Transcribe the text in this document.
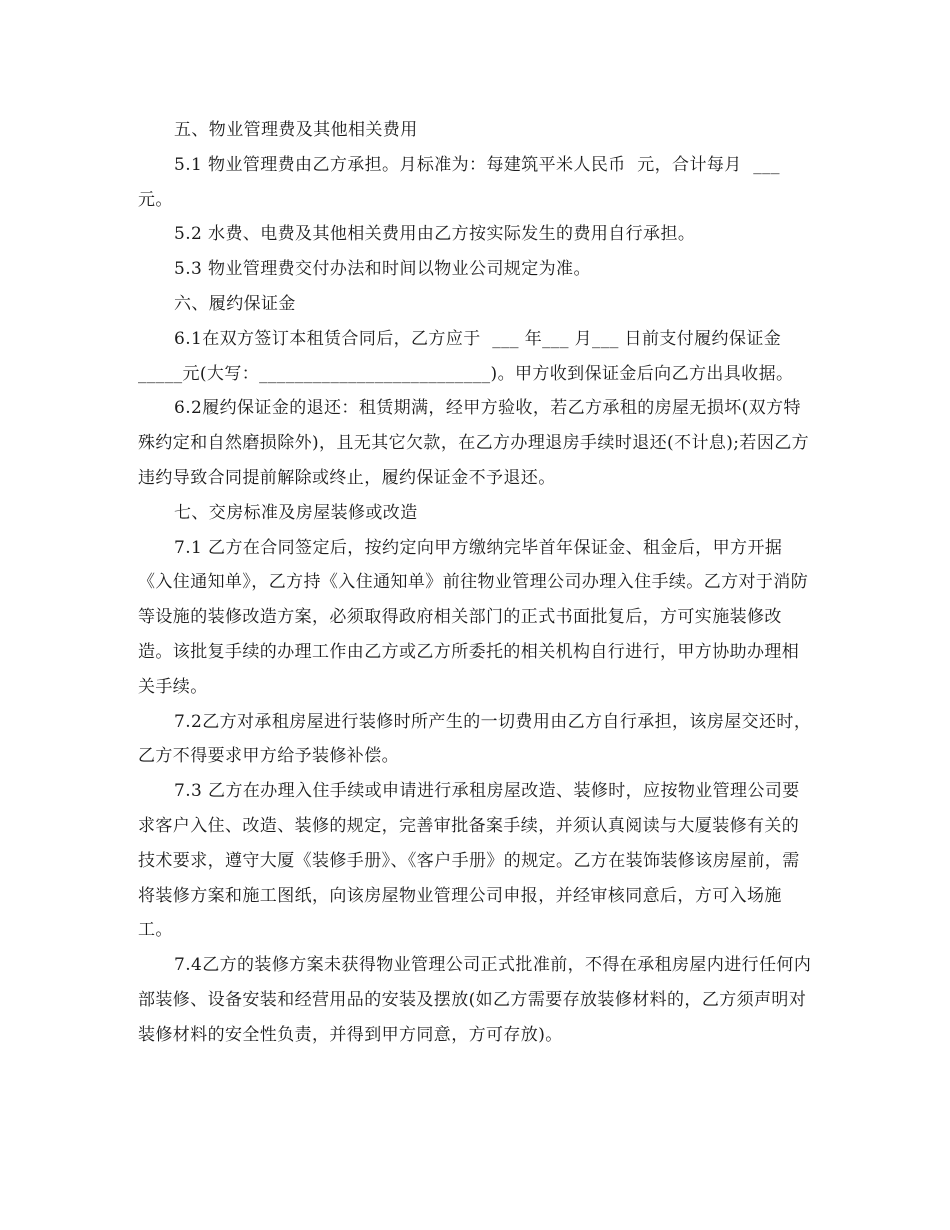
五、物业管理费及其他相关费用

5.1 物业管理费由乙方承担。月标准为：每建筑平米人民币  元，合计每月  ___元。

5.2 水费、电费及其他相关费用由乙方按实际发生的费用自行承担。

5.3 物业管理费交付办法和时间以物业公司规定为准。

六、履约保证金

6.1在双方签订本租赁合同后，乙方应于  ___ 年___ 月___ 日前支付履约保证金_____元(大写：__________________________)。甲方收到保证金后向乙方出具收据。

6.2履约保证金的退还：租赁期满，经甲方验收，若乙方承租的房屋无损坏(双方特殊约定和自然磨损除外)，且无其它欠款，在乙方办理退房手续时退还(不计息);若因乙方违约导致合同提前解除或终止，履约保证金不予退还。

七、交房标准及房屋装修或改造

7.1 乙方在合同签定后，按约定向甲方缴纳完毕首年保证金、租金后，甲方开据《入住通知单》，乙方持《入住通知单》前往物业管理公司办理入住手续。乙方对于消防等设施的装修改造方案，必须取得政府相关部门的正式书面批复后，方可实施装修改造。该批复手续的办理工作由乙方或乙方所委托的相关机构自行进行，甲方协助办理相关手续。

7.2乙方对承租房屋进行装修时所产生的一切费用由乙方自行承担，该房屋交还时，乙方不得要求甲方给予装修补偿。

7.3 乙方在办理入住手续或申请进行承租房屋改造、装修时，应按物业管理公司要求客户入住、改造、装修的规定，完善审批备案手续，并须认真阅读与大厦装修有关的技术要求，遵守大厦《装修手册》、《客户手册》的规定。乙方在装饰装修该房屋前，需将装修方案和施工图纸，向该房屋物业管理公司申报，并经审核同意后，方可入场施工。

7.4乙方的装修方案未获得物业管理公司正式批准前，不得在承租房屋内进行任何内部装修、设备安装和经营用品的安装及摆放(如乙方需要存放装修材料的，乙方须声明对装修材料的安全性负责，并得到甲方同意，方可存放)。
